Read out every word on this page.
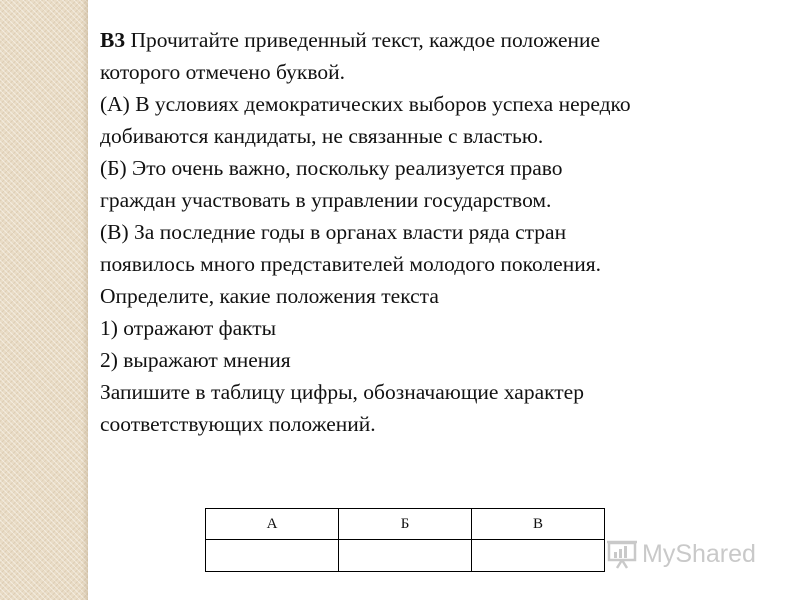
В3 Прочитайте приведенный текст, каждое положение

которого отмечено буквой.

(А) В условиях демократических выборов успеха нередко

добиваются кандидаты, не связанные с властью.

(Б) Это очень важно, поскольку реализуется право

граждан участвовать в управлении государством.

(В) За последние годы в органах власти ряда стран

появилось много представителей молодого поколения.

Определите, какие положения текста

1) отражают факты

2) выражают мнения

Запишите в таблицу цифры, обозначающие характер

соответствующих положений.

А	Б	В

MyShared
